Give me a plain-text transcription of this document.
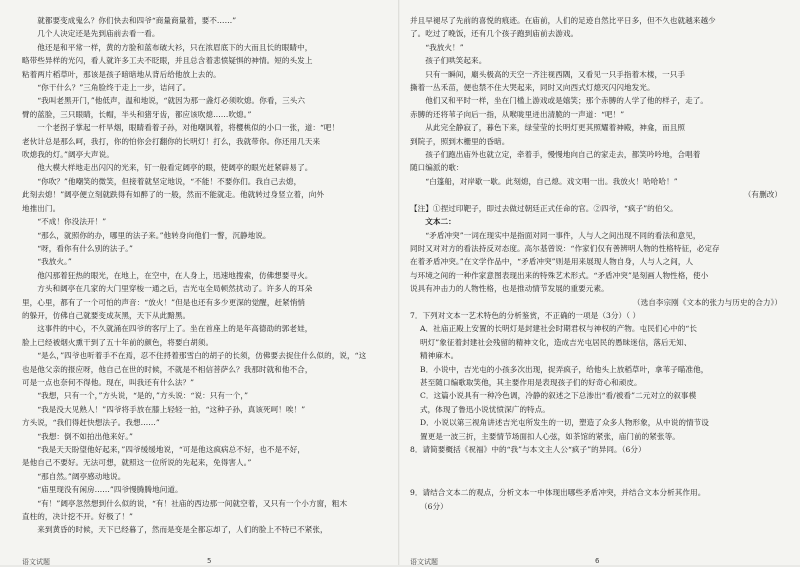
就都要变成鬼么？你们快去和四爷“商量商量着，要不……”

几个人决定还是先到庙前去看一看。

他还是和平常一样，黄的方脸和蓝布破大衫，只在浓眉底下的大而且长的眼睛中，

略带些异样的光闪，看人就许多工夫不眨眼，并且总含着悲愤疑惧的神情。短的头发上

粘着两片稻草叶，那该是孩子暗暗地从背后给他放上去的。

“你干什么？”三角脸终于走上一步，诘问了。

“我叫老黑开门，”他低声，温和地说，“就因为那一盏灯必须吹熄。你看，三头六

臂的蓝脸，三只眼睛，长帽，半头和猪牙齿，都应该吹熄……吹熄。”

一个老拐子掌起一杆旱烟，眼睛看着子孙，对他嘲讽着，将樱桃似的小口一张，道：“吧！

老伙计总是那么呵，我打，你的怕你会打翻你的长明灯！打么，我就带你。你还用几天来

吹熄我的灯。”阔亭大声说。

他大模大样地走出闪闪的光来，钉一般看定阔亭的眼，使阔亭的眼光赶紧辟易了。

“你吹？”他嘲笑的微笑，但接着就坚定地说，“不能！不要你们。我自己去熄，

此刻去熄！”阔亭便立刻就跌得有如醉了的一般，然而不能就走。他就转过身竖立着，向外

地推出门。

“不成！你没法开！”

“那么，就照你的办，哪里的法子来。”他转身向他们一瞥，沉静地说。

“呀，看你有什么别的法子。”

“我放火。”

他闪那着狂热的眼光，在地上，在空中，在人身上，迅速地搜索，仿佛想要寻火。

方头和阔亭在几家的大门里穿梭一通之后，吉光屯全局顿然扰动了。许多人的耳朵

里，心里，都有了一个可怕的声音：“放火！”但是也还有多少更深的觉醒，赶紧悄悄

的躲开，仿佛自己就要变成灰黑，天下从此黯黑。

这事件的中心，不久就涌在四爷的客厅上了。坐在首座上的是年高德劭的郭老娃，

脸上已经被烟火熏干到了五十年前的颜色，将要白胡须。

“是么，”四爷也听着手不在焉，忍不住捋着那雪白的胡子的长须，仿佛要去捉住什么似的，说，“这

也是他父亲的报应呀，他自己在世的时候，不就是不相信菩萨么？我那时就和他不合，

可是一点也奈何不得他。现在，叫我还有什么法？”

“我想，只有一个，”方头说，“是的，”方头说：“说：只有一个，”

“我是没大见熟人！”四爷将手放在膝上轻轻一拍，“这种子孙，真该死呵！唉！”

方头说，“我们得赶快想法子。我想……”

“我想：倒不如拍出他来好。”

“我是天天盼望他好起来，”四爷缓缓地说，“可是他这疯病总不好，也不是不好，

是他自己不要好。无法可想，就照这一位所说的先起来，免得害人。”

“那自然。”阔亭感动地说。

“庙里现没有闲房……”四爷慢腾腾地问道。

“有！”阔亭忽然想到什么似的说，“有！社庙的西边那一间就空着，又只有一个小方窗，粗木

直柱的，决计挖不开。好极了！”

来到黄昏的时候，天下已经暮了，然而是变是全都忘却了，人们的脸上不特已不紧张，

并且早褪尽了先前的喜悦的痕迹。在庙前，人们的足迹自然比平日多，但不久也就越来越少

了。吃过了晚饭，还有几个孩子跑到庙前去游戏。

“我放火！”

孩子们哄笑起来。

只有一瞬间，廟头极高的天空一齐注视西隅，又看见一只手指着木楼，一只手

撕着一丛禾苗，便也禁不住大哭起来，同时又向西式灯熄灭闪闪地发光。

他们又和平时一样，坐在门槛上游戏或是嬉笑；那个赤膊的人学了他的样子，走了。

赤膊的还将苇子向后一指，从喉咙里迸出清脆的一声道：“吧！”

从此完全静寂了，暮色下来，绿莹莹的长明灯更其照耀着神殿，神龛，而且照

到院子，照到木栅里的昏暗。

孩子们跑出庙外也就立定，牵着手，慢慢地向自己的家走去，都笑吟吟地，合唱着

随口编派的歌：

“白篷船，对岸歇一歇。此刻熄，自己熄。戏文唱一出。我放火！哈哈哈！”

（有删改）

【注】①捏过印靶子，即过去做过朝廷正式任命的官。②四爷，“疯子”的伯父。

文本二：

“矛盾冲突”一词在现实中是指面对同一事件，人与人之间出现不同的看法和意见，

同时又对对方的看法持反对态度。高尔基曾说：“作家们仅有善辨明人物的性格特征，必定存

在着矛盾冲突。”在文学作品中，“矛盾冲突”则是用来展现人物自身，人与人之间，人

与环境之间的一种作家意图表现出来的特殊艺术形式。“矛盾冲突”是刻画人物性格，使小

说具有冲击力的人物性格，也是推动情节发展的重要元素。

（选自李宗刚《文本的张力与历史的合力》）

7．下列对文本一艺术特色的分析鉴赏，不正确的一项是（3分）（ ）

A．社庙正殿上安置的长明灯是封建社会时期君权与神权的产物。屯民们心中的“长

明灯”象征着封建社会残留的精神文化，造成吉光屯居民的愚昧迷信，落后无知、

精神麻木。

B．小说中，吉光屯的小孩多次出现，捉弄疯子，给他头上放稻草叶，拿苇子瞄准他，

甚至随口编歌取笑他，其主要作用是表现孩子们的好奇心和顽皮。

C．这篇小说具有一种冷色调，冷静的叙述之下总渗出“看/被看”二元对立的叙事模

式，体现了鲁迅小说忧愤深广的特点。

D．小说以第三视角讲述吉光屯所发生的一切，塑造了众多人物形象，从中说的情节设

置更是一波三折，主要情节场面扣人心弦，如茶馆的紧张，庙门前的紧张等。

8．请简要概括《祝福》中的“我”与本文主人公“疯子”的异同。（6分）

9．请结合文本二的观点，分析文本一中体现出哪些矛盾冲突，并结合文本分析其作用。

（6分）

语文试题	5	语文试题	6
